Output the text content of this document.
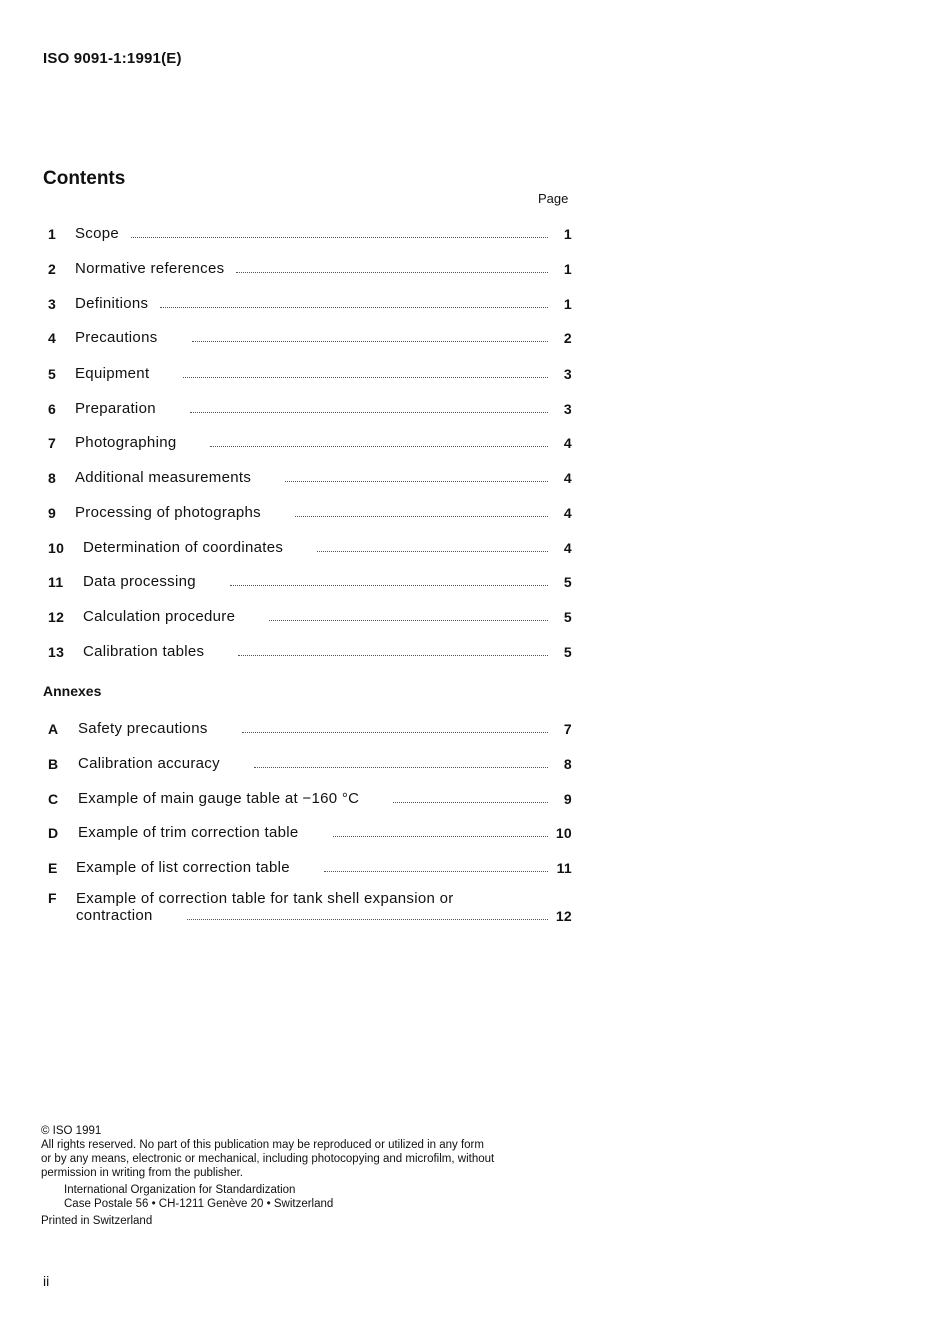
ISO 9091-1:1991(E)
Contents
Page
1	Scope	1
2	Normative references	1
3	Definitions	1
4	Precautions	2
5	Equipment	3
6	Preparation	3
7	Photographing	4
8	Additional measurements	4
9	Processing of photographs	4
10	Determination of coordinates	4
11	Data processing	5
12	Calculation procedure	5
13	Calibration tables	5
Annexes
A	Safety precautions	7
B	Calibration accuracy	8
C	Example of main gauge table at −160 °C	9
D	Example of trim correction table	10
E	Example of list correction table	11
F	Example of correction table for tank shell expansion or
contraction	12
© ISO 1991
All rights reserved. No part of this publication may be reproduced or utilized in any form
or by any means, electronic or mechanical, including photocopying and microfilm, without
permission in writing from the publisher.
International Organization for Standardization
Case Postale 56 • CH-1211 Genève 20 • Switzerland
Printed in Switzerland
ii
